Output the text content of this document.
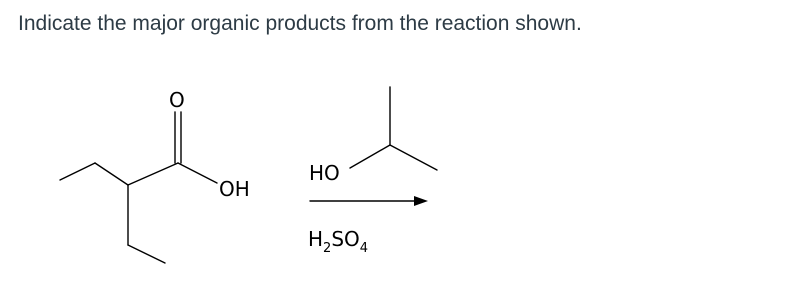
Indicate the major organic products from the reaction shown.
O
OH
HO
$H_2SO_4$
